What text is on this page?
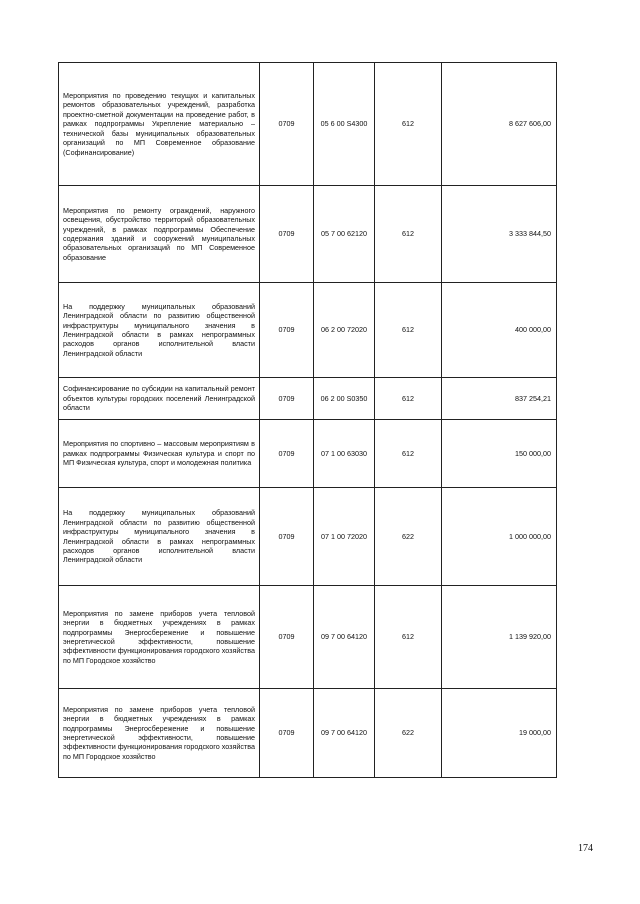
Мероприятия по проведению текущих и капитальных ремонтов образовательных учреждений, разработка проектно-сметной документации на проведение работ, в рамках подпрограммы Укрепление материально – технической базы муниципальных образовательных организаций по МП Современное образование (Софинансирование)	0709	05 6 00 S4300	612	8 627 606,00
Мероприятия по ремонту ограждений, наружного освещения, обустройство территорий образовательных учреждений, в рамках подпрограммы Обеспечение содержания зданий и сооружений муниципальных образовательных организаций по МП Современное образование	0709	05 7 00 62120	612	3 333 844,50
На поддержку муниципальных образований Ленинградской области по развитию общественной инфраструктуры муниципального значения в Ленинградской области в рамках непрограммных расходов органов исполнительной власти Ленинградской области	0709	06 2 00 72020	612	400 000,00
Софинансирование по субсидии на капитальный ремонт объектов культуры городских поселений Ленинградской области	0709	06 2 00 S0350	612	837 254,21
Мероприятия по спортивно – массовым мероприятиям в рамках подпрограммы Физическая культура и спорт по МП Физическая культура, спорт и молодежная политика	0709	07 1 00 63030	612	150 000,00
На поддержку муниципальных образований Ленинградской области по развитию общественной инфраструктуры муниципального значения в Ленинградской области в рамках непрограммных расходов органов исполнительной власти Ленинградской области	0709	07 1 00 72020	622	1 000 000,00
Мероприятия по замене приборов учета тепловой энергии в бюджетных учреждениях в рамках подпрограммы Энергосбережение и повышение энергетической эффективности, повышение эффективности функционирования городского хозяйства по МП Городское хозяйство	0709	09 7 00 64120	612	1 139 920,00
Мероприятия по замене приборов учета тепловой энергии в бюджетных учреждениях в рамках подпрограммы Энергосбережение и повышение энергетической эффективности, повышение эффективности функционирования городского хозяйства по МП Городское хозяйство	0709	09 7 00 64120	622	19 000,00
174
